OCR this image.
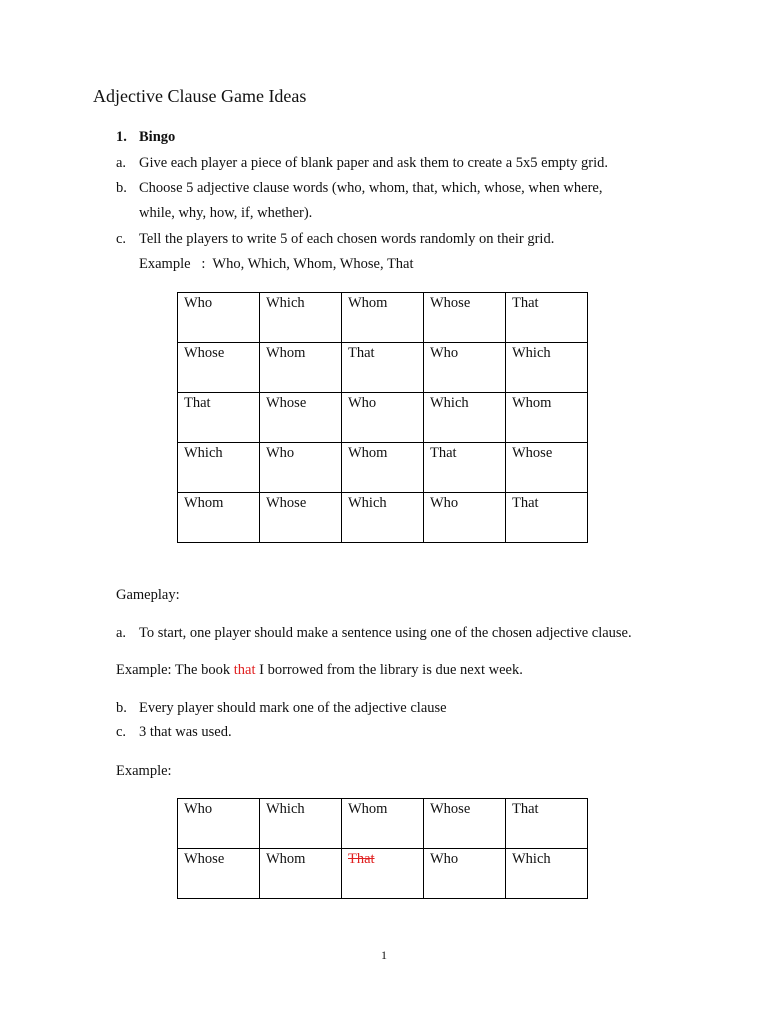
Adjective Clause Game Ideas
1. Bingo
a. Give each player a piece of blank paper and ask them to create a 5x5 empty grid.
b. Choose 5 adjective clause words (who, whom, that, which, whose, when where,
while, why, how, if, whether).
c. Tell the players to write 5 of each chosen words randomly on their grid.
Example   :  Who, Which, Whom, Whose, That
Who	Which	Whom	Whose	That
Whose	Whom	That	Who	Which
That	Whose	Who	Which	Whom
Which	Who	Whom	That	Whose
Whom	Whose	Which	Who	That
Gameplay:
a. To start, one player should make a sentence using one of the chosen adjective clause.
Example: The book that I borrowed from the library is due next week.
b. Every player should mark one of the adjective clause
c. 3 that was used.
Example:
Who	Which	Whom	Whose	That
Whose	Whom	That	Who	Which
1
